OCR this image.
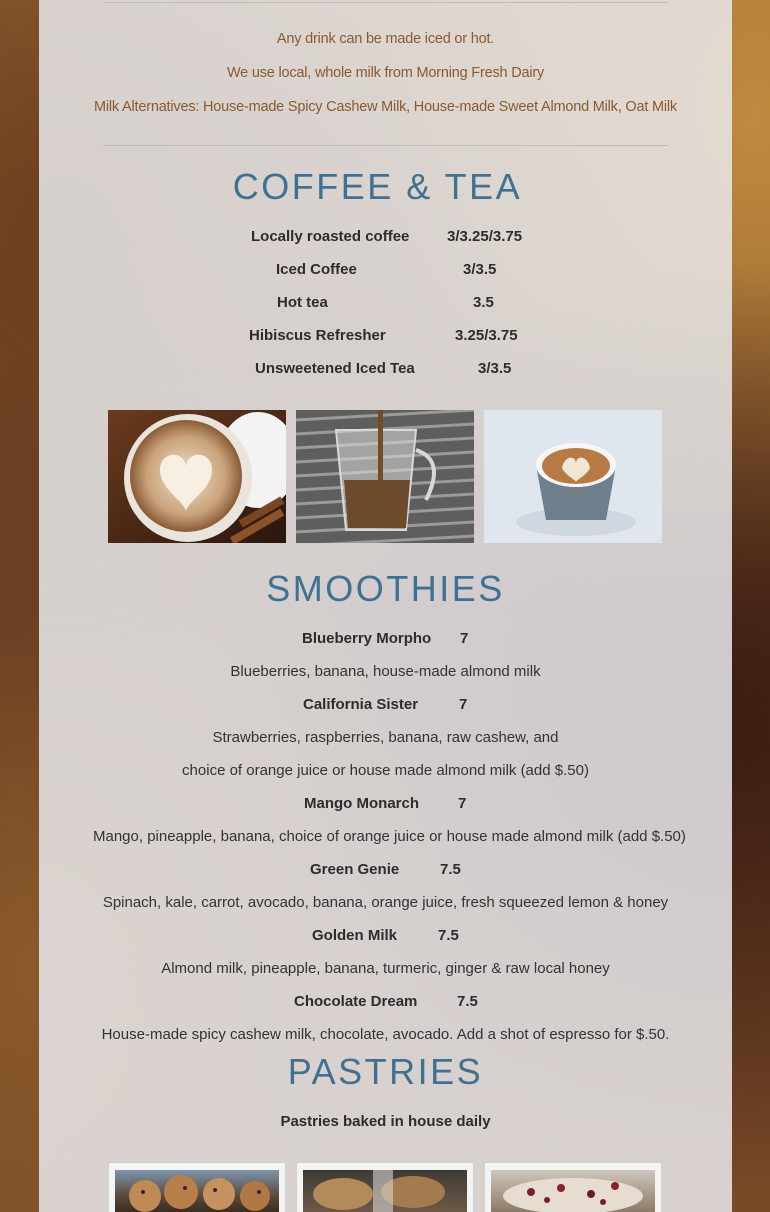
Any drink can be made iced or hot.
We use local, whole milk from Morning Fresh Dairy
Milk Alternatives: House-made Spicy Cashew Milk, House-made Sweet Almond Milk, Oat Milk
COFFEE & TEA
Locally roasted coffee	3/3.25/3.75
Iced Coffee	3/3.5
Hot tea	3.5
Hibiscus Refresher	3.25/3.75
Unsweetened Iced Tea	3/3.5
SMOOTHIES
Blueberry Morpho 7
Blueberries, banana, house-made almond milk
California Sister	7
Strawberries, raspberries, banana, raw cashew, and
choice of orange juice or house made almond milk (add $.50)
Mango Monarch	7
Mango, pineapple, banana, choice of orange juice or house made almond milk (add $.50)
Green Genie	7.5
Spinach, kale, carrot, avocado, banana, orange juice, fresh squeezed lemon & honey
Golden Milk	7.5
Almond milk, pineapple, banana, turmeric, ginger & raw local honey
Chocolate Dream	7.5
House-made spicy cashew milk, chocolate, avocado. Add a shot of espresso for $.50.
PASTRIES
Pastries baked in house daily
